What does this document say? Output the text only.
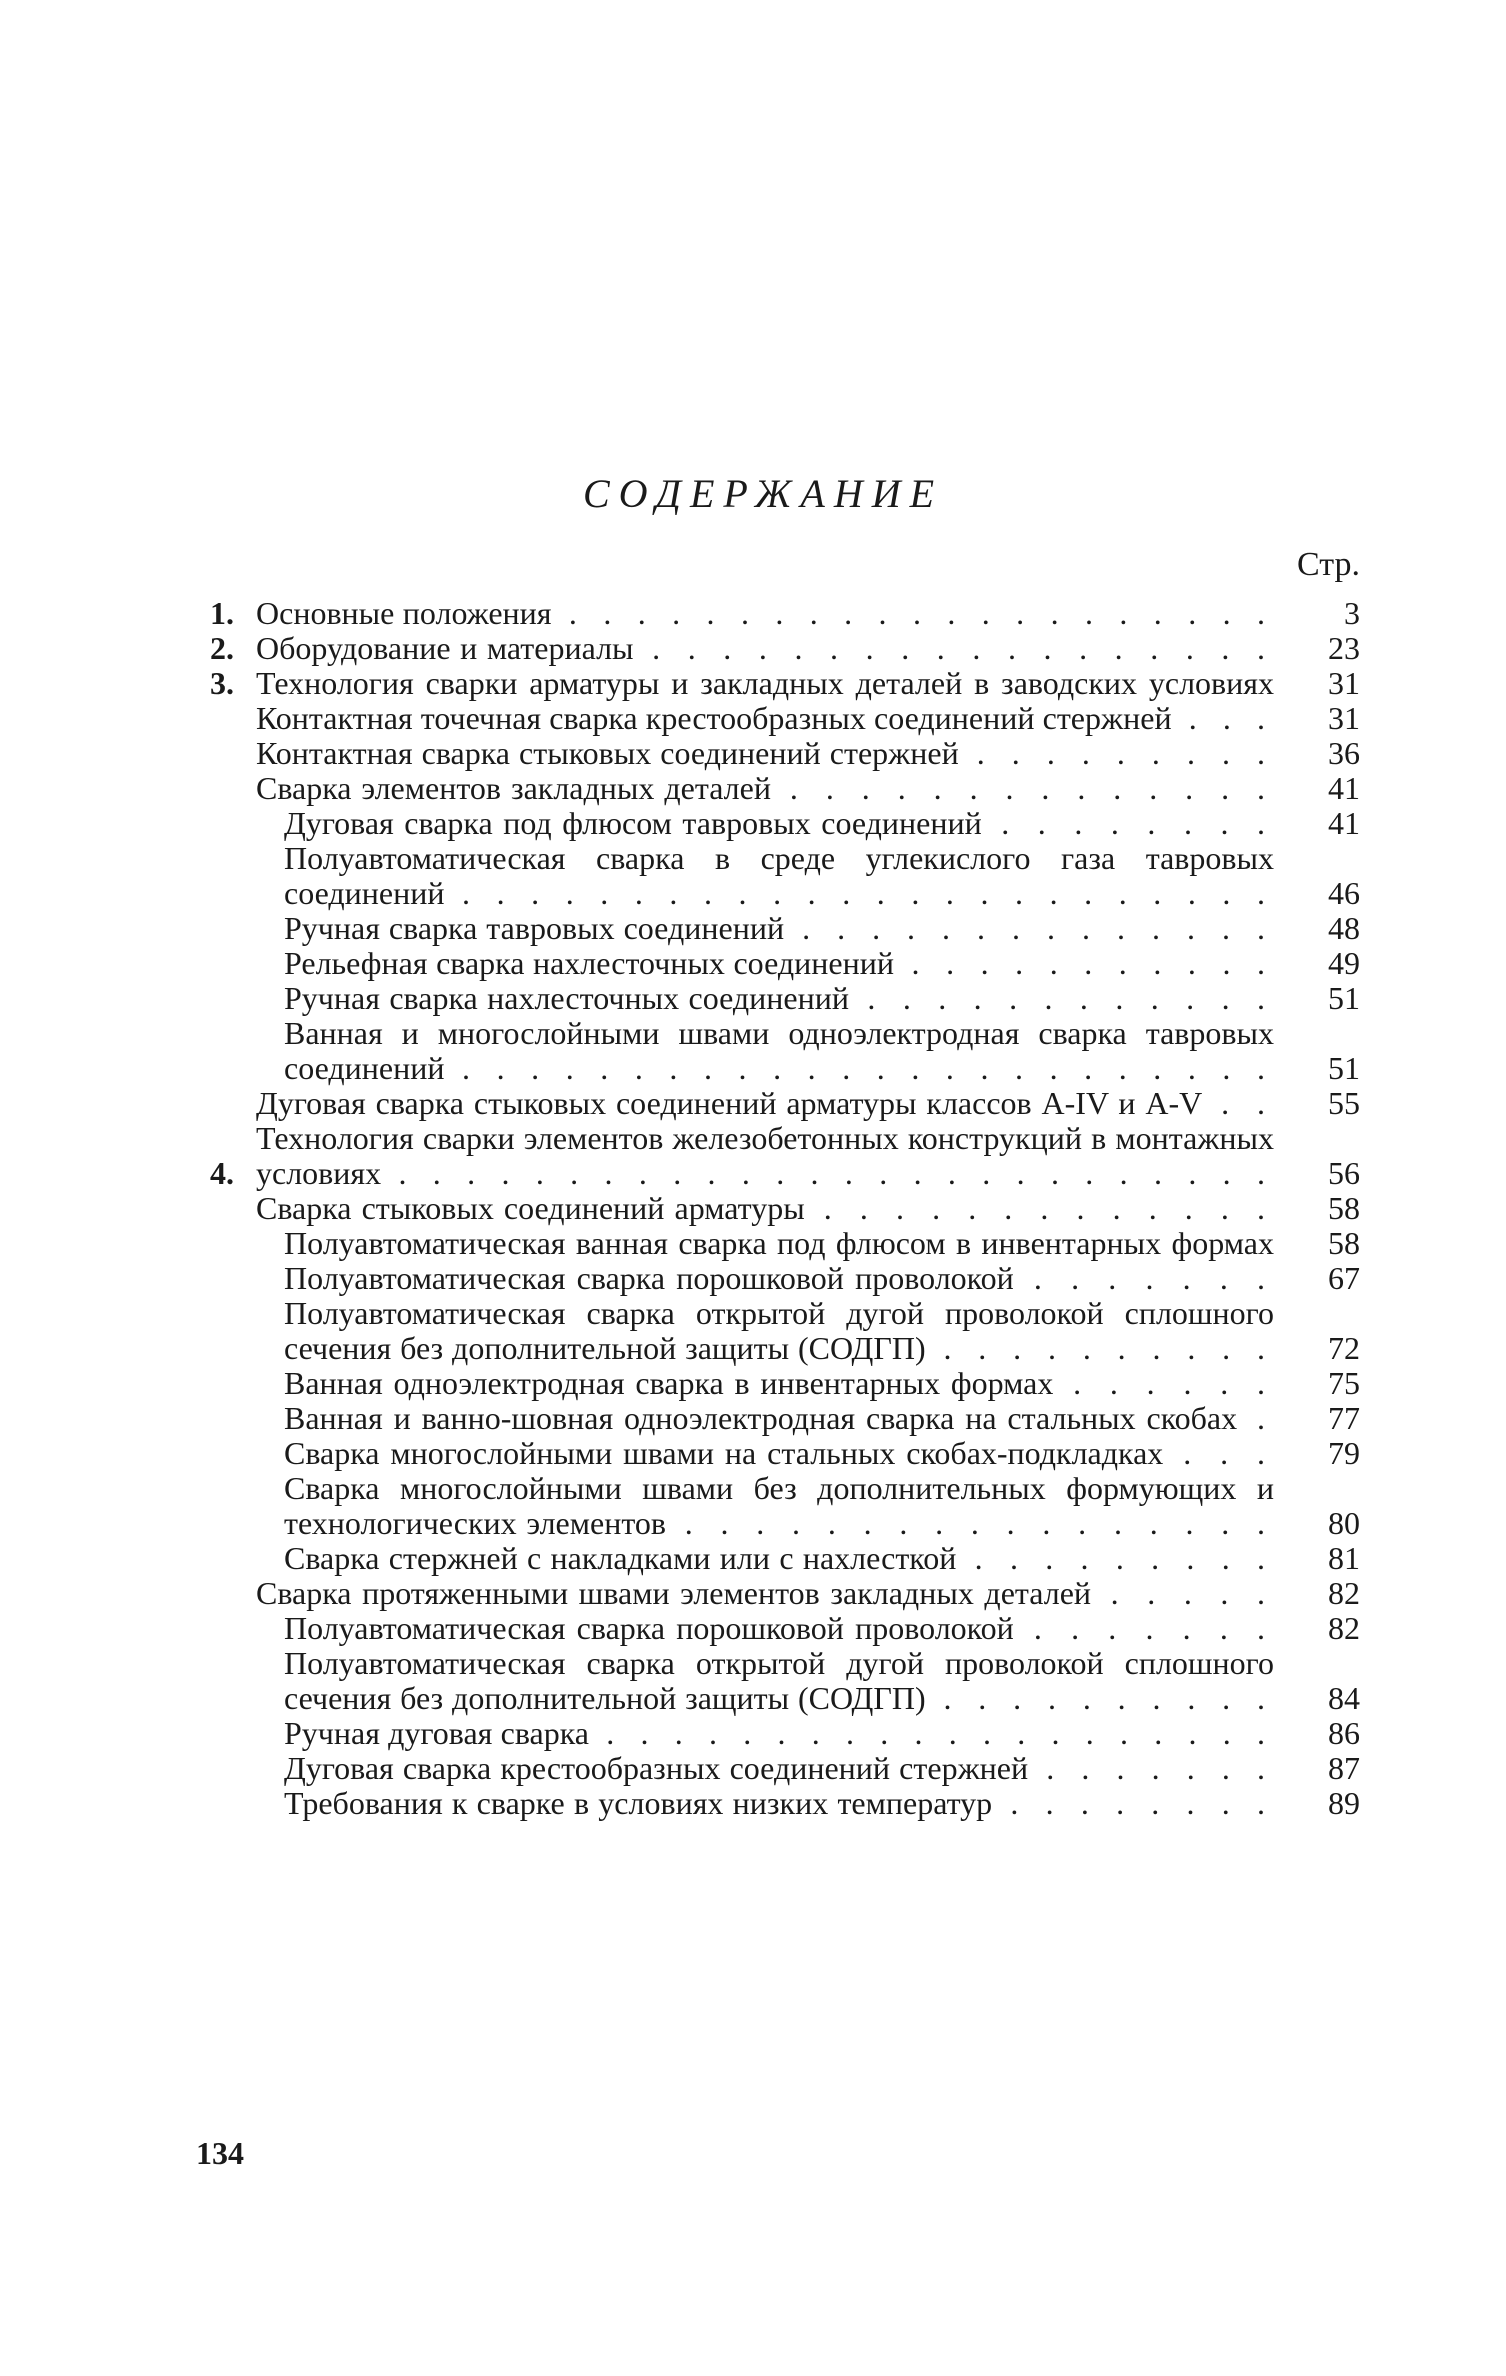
СОДЕРЖАНИЕ
Стр.
1. Основные положения . . . . . . . . . . . . . . . . . . . . .	3
2. Оборудование и материалы . . . . . . . . . . . . . . . . . .	23
3. Технология сварки арматуры и закладных деталей в заводских условиях	31
Контактная точечная сварка крестообразных соединений стержней . . .	31
Контактная сварка стыковых соединений стержней . . . . . . . . .	36
Сварка элементов закладных деталей . . . . . . . . . . . . . .	41
Дуговая сварка под флюсом тавровых соединений . . . . . . . .	41
Полуавтоматическая сварка в среде углекислого газа тавровых соединений . . . . . . . . . . . . . . . . . . . . . . . .	46
Ручная сварка тавровых соединений . . . . . . . . . . . . . .	48
Рельефная сварка нахлесточных соединений . . . . . . . . . . .	49
Ручная сварка нахлесточных соединений . . . . . . . . . . . .	51
Ванная и многослойными швами одноэлектродная сварка тавровых соединений . . . . . . . . . . . . . . . . . . . . . . . .	51
Дуговая сварка стыковых соединений арматуры классов A-IV и A-V . .	55
4.
Технология сварки элементов железобетонных конструкций в монтажных условиях . . . . . . . . . . . . . . . . . . . . . . . . . .	56
Сварка стыковых соединений арматуры . . . . . . . . . . . . .	58
Полуавтоматическая ванная сварка под флюсом в инвентарных формах	58
Полуавтоматическая сварка порошковой проволокой . . . . . . .	67
Полуавтоматическая сварка открытой дугой проволокой сплошного сечения без дополнительной защиты (СОДГП) . . . . . . . . . .	72
Ванная одноэлектродная сварка в инвентарных формах . . . . . .	75
Ванная и ванно-шовная одноэлектродная сварка на стальных скобах .	77
Сварка многослойными швами на стальных скобах-подкладках . . .	79
Сварка многослойными швами без дополнительных формующих и технологических элементов . . . . . . . . . . . . . . . . .	80
Сварка стержней с накладками или с нахлесткой . . . . . . . . .	81
Сварка протяженными швами элементов закладных деталей . . . . .	82
Полуавтоматическая сварка порошковой проволокой . . . . . . .	82
Полуавтоматическая сварка открытой дугой проволокой сплошного сечения без дополнительной защиты (СОДГП) . . . . . . . . . .	84
Ручная дуговая сварка . . . . . . . . . . . . . . . . . . . .	86
Дуговая сварка крестообразных соединений стержней . . . . . . .	87
Требования к сварке в условиях низких температур . . . . . . . .	89
134
